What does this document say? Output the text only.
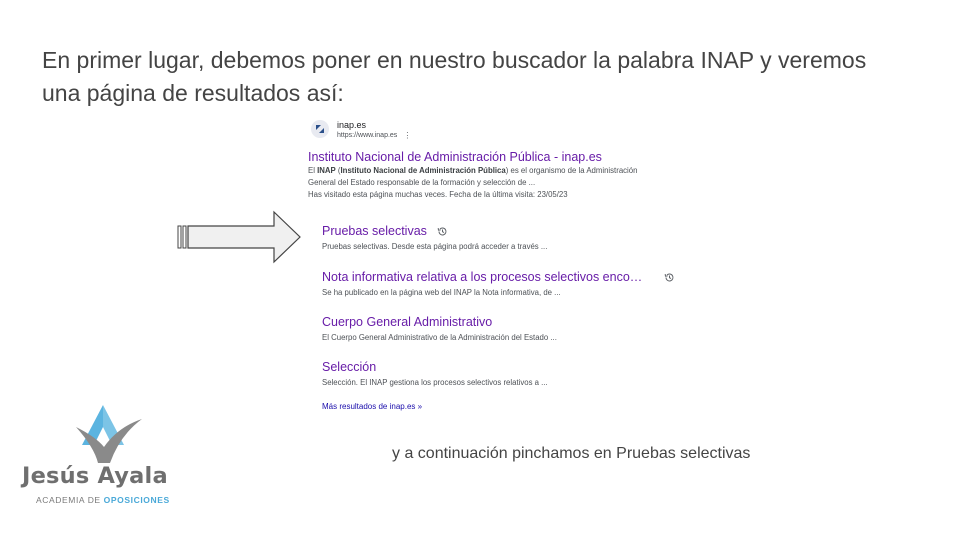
En primer lugar, debemos poner en nuestro buscador la palabra INAP y veremos
una página de resultados así:
inap.es
https://www.inap.es ⋮
Instituto Nacional de Administración Pública - inap.es
El INAP (Instituto Nacional de Administración Pública) es el organismo de la Administración
General del Estado responsable de la formación y selección de ...
Has visitado esta página muchas veces. Fecha de la última visita: 23/05/23
Pruebas selectivas
Pruebas selectivas. Desde esta página podrá acceder a través ...
Nota informativa relativa a los procesos selectivos enco…
Se ha publicado en la página web del INAP la Nota informativa, de ...
Cuerpo General Administrativo
El Cuerpo General Administrativo de la Administración del Estado ...
Selección
Selección. El INAP gestiona los procesos selectivos relativos a ...
Más resultados de inap.es »
y a continuación pinchamos en Pruebas selectivas
Jesús Ayala
ACADEMIA DE OPOSICIONES
